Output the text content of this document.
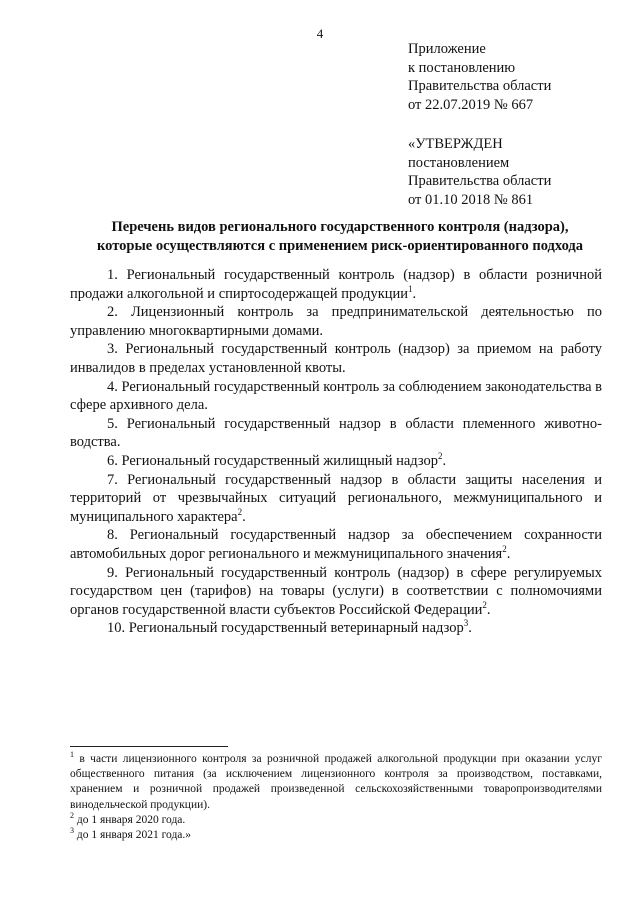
4
Приложение
к постановлению
Правительства области
от 22.07.2019 № 667
«УТВЕРЖДЕН
постановлением
Правительства области
от 01.10 2018 № 861
Перечень видов регионального государственного контроля (надзора),
которые осуществляются с применением риск-ориентированного подхода

1. Региональный государственный контроль (надзор) в области розничной продажи алкогольной и спиртосодержащей продукции$^1$.

2. Лицензионный контроль за предпринимательской деятельностью по управлению многоквартирными домами.

3. Региональный государственный контроль (надзор) за приемом на работу инвалидов в пределах установленной квоты.

4. Региональный государственный контроль за соблюдением законодательства в сфере архивного дела.

5. Региональный государственный надзор в области племенного животноводства.

6. Региональный государственный жилищный надзор$^2$.

7. Региональный государственный надзор в области защиты населения и территорий от чрезвычайных ситуаций регионального, межмуниципального и муниципального характера$^2$.

8. Региональный государственный надзор за обеспечением сохранности автомобильных дорог регионального и межмуниципального значения$^2$.

9. Региональный государственный контроль (надзор) в сфере регулируемых государством цен (тарифов) на товары (услуги) в соответствии с полномочиями органов государственной власти субъектов Российской Федерации$^2$.

10. Региональный государственный ветеринарный надзор$^3$.

$^1$ в части лицензионного контроля за розничной продажей алкогольной продукции при оказании услуг общественного питания (за исключением лицензионного контроля за производством, поставками, хранением и розничной продажей произведенной сельскохозяйственными товаропроизводителями винодельческой продукции).

$^2$ до 1 января 2020 года.

$^3$ до 1 января 2021 года.»
